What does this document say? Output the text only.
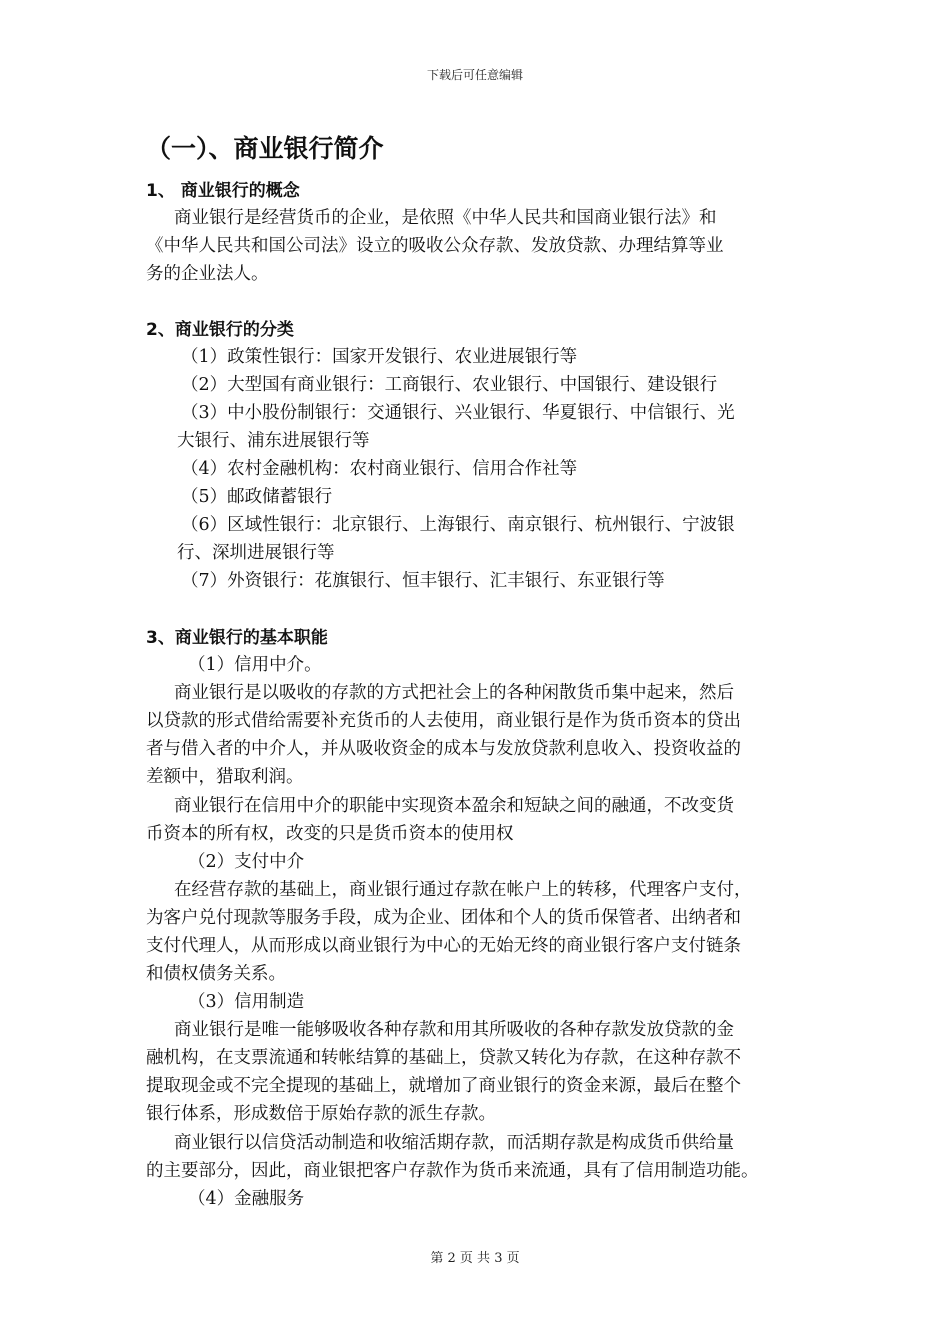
下载后可任意编辑
（一）、商业银行简介
1、 商业银行的概念
商业银行是经营货币的企业，是依照《中华人民共和国商业银行法》和
《中华人民共和国公司法》设立的吸收公众存款、发放贷款、办理结算等业
务的企业法人。
2、商业银行的分类
（1）政策性银行：国家开发银行、农业进展银行等
（2）大型国有商业银行：工商银行、农业银行、中国银行、建设银行
（3）中小股份制银行：交通银行、兴业银行、华夏银行、中信银行、光
大银行、浦东进展银行等
（4）农村金融机构：农村商业银行、信用合作社等
（5）邮政储蓄银行
（6）区域性银行：北京银行、上海银行、南京银行、杭州银行、宁波银
行、深圳进展银行等
（7）外资银行：花旗银行、恒丰银行、汇丰银行、东亚银行等
3、商业银行的基本职能
（1）信用中介。
商业银行是以吸收的存款的方式把社会上的各种闲散货币集中起来，然后
以贷款的形式借给需要补充货币的人去使用，商业银行是作为货币资本的贷出
者与借入者的中介人，并从吸收资金的成本与发放贷款利息收入、投资收益的
差额中，猎取利润。
商业银行在信用中介的职能中实现资本盈余和短缺之间的融通，不改变货
币资本的所有权，改变的只是货币资本的使用权
（2）支付中介
在经营存款的基础上，商业银行通过存款在帐户上的转移，代理客户支付，
为客户兑付现款等服务手段，成为企业、团体和个人的货币保管者、出纳者和
支付代理人，从而形成以商业银行为中心的无始无终的商业银行客户支付链条
和债权债务关系。
（3）信用制造
商业银行是唯一能够吸收各种存款和用其所吸收的各种存款发放贷款的金
融机构，在支票流通和转帐结算的基础上，贷款又转化为存款，在这种存款不
提取现金或不完全提现的基础上，就增加了商业银行的资金来源，最后在整个
银行体系，形成数倍于原始存款的派生存款。
商业银行以信贷活动制造和收缩活期存款，而活期存款是构成货币供给量
的主要部分，因此，商业银把客户存款作为货币来流通，具有了信用制造功能。
（4）金融服务
第 2 页 共 3 页
